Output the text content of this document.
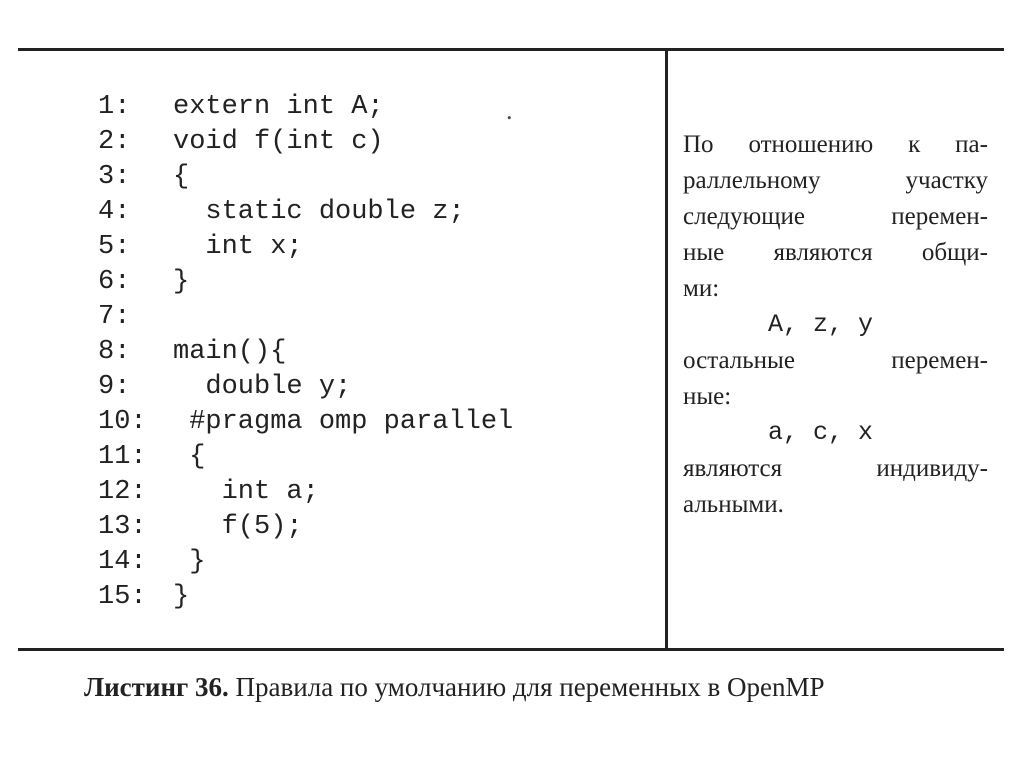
1: extern int A;
2: void f(int c)
3: {
4:  static double z;
5:  int x;
6: }
7:
8: main(){
9:  double y;
10: #pragma omp parallel
11: {
12:   int a;
13:   f(5);
14: }
15: }
.
По отношению к па-
раллельному	участку
следующие	перемен-
ные являются общи-
ми:
A, z, y
остальные	перемен-
ные:
a, c, x
являются	индивиду-
альными.
Листинг 36. Правила по умолчанию для переменных в OpenMP
